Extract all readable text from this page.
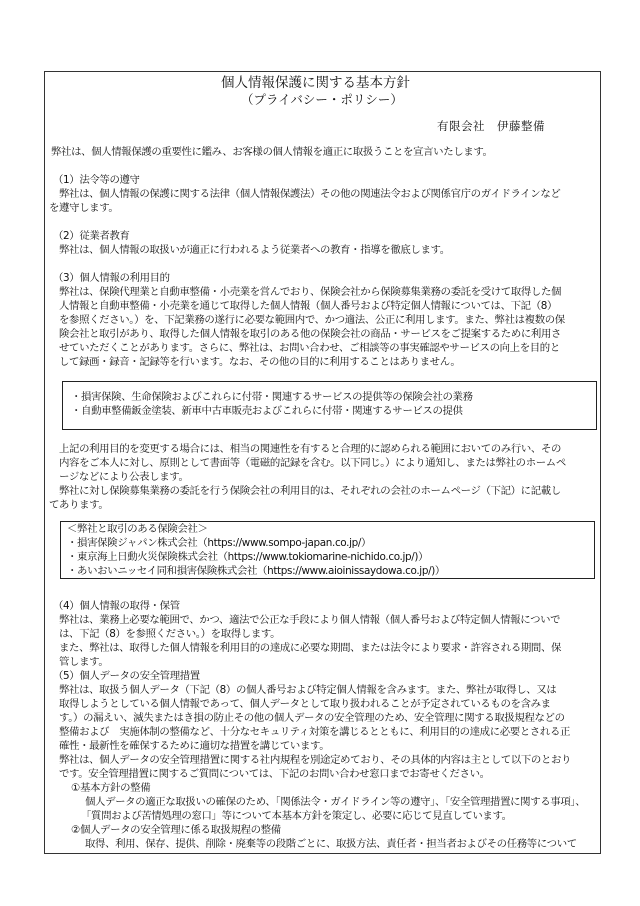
個人情報保護に関する基本方針
（プライバシー・ポリシー）
有限会社　伊藤整備
弊社は、個人情報保護の重要性に鑑み、お客様の個人情報を適正に取扱うことを宣言いたします。
（1）法令等の遵守
弊社は、個人情報の保護に関する法律（個人情報保護法）その他の関連法令および関係官庁のガイドラインなど
を遵守します。
（2）従業者教育
弊社は、個人情報の取扱いが適正に行われるよう従業者への教育・指導を徹底します。
（3）個人情報の利用目的
弊社は、保険代理業と自動車整備・小売業を営んでおり、保険会社から保険募集業務の委託を受けて取得した個
人情報と自動車整備・小売業を通じて取得した個人情報（個人番号および特定個人情報については、下記（8）
を参照ください。）を、下記業務の遂行に必要な範囲内で、かつ適法、公正に利用します。また、弊社は複数の保
険会社と取引があり、取得した個人情報を取引のある他の保険会社の商品・サービスをご提案するために利用さ
せていただくことがあります。さらに、弊社は、お問い合わせ、ご相談等の事実確認やサービスの向上を目的と
して録画・録音・記録等を行います。なお、その他の目的に利用することはありません。
・損害保険、生命保険およびこれらに付帯・関連するサービスの提供等の保険会社の業務
・自動車整備鈑金塗装、新車中古車販売およびこれらに付帯・関連するサービスの提供
上記の利用目的を変更する場合には、相当の関連性を有すると合理的に認められる範囲においてのみ行い、その
内容をご本人に対し、原則として書面等（電磁的記録を含む。以下同じ。）により通知し、または弊社のホームペ
ージなどにより公表します。
弊社に対し保険募集業務の委託を行う保険会社の利用目的は、それぞれの会社のホームページ（下記）に記載し
てあります。
＜弊社と取引のある保険会社＞
・損害保険ジャパン株式会社（https://www.sompo-japan.co.jp/）
・東京海上日動火災保険株式会社（https://www.tokiomarine-nichido.co.jp/)）
・あいおいニッセイ同和損害保険株式会社（https://www.aioinissaydowa.co.jp/)）
（4）個人情報の取得・保管
弊社は、業務上必要な範囲で、かつ、適法で公正な手段により個人情報（個人番号および特定個人情報についで
は、下記（8）を参照ください。）を取得します。
また、弊社は、取得した個人情報を利用目的の達成に必要な期間、または法令により要求・許容される期間、保
管します。
（5）個人データの安全管理措置
弊社は、取扱う個人データ（下記（8）の個人番号および特定個人情報を含みます。また、弊社が取得し、又は
取得しようとしている個人情報であって、個人データとして取り扱われることが予定されているものを含みま
す。）の漏えい、滅失またはき損の防止その他の個人データの安全管理のため、安全管理に関する取扱規程などの
整備および　実施体制の整備など、十分なセキュリティ対策を講じるとともに、利用目的の達成に必要とされる正
確性・最新性を確保するために適切な措置を講じています。
弊社は、個人データの安全管理措置に関する社内規程を別途定めており、その具体的内容は主として以下のとおり
です。安全管理措置に関するご質問については、下記のお問い合わせ窓口までお寄せください。
①基本方針の整備
個人データの適正な取扱いの確保のため、「関係法令・ガイドライン等の遵守」、「安全管理措置に関する事項」、
「質問および苦情処理の窓口」等について本基本方針を策定し、必要に応じて見直しています。
②個人データの安全管理に係る取扱規程の整備
取得、利用、保存、提供、削除・廃棄等の段階ごとに、取扱方法、責任者・担当者およびその任務等について
